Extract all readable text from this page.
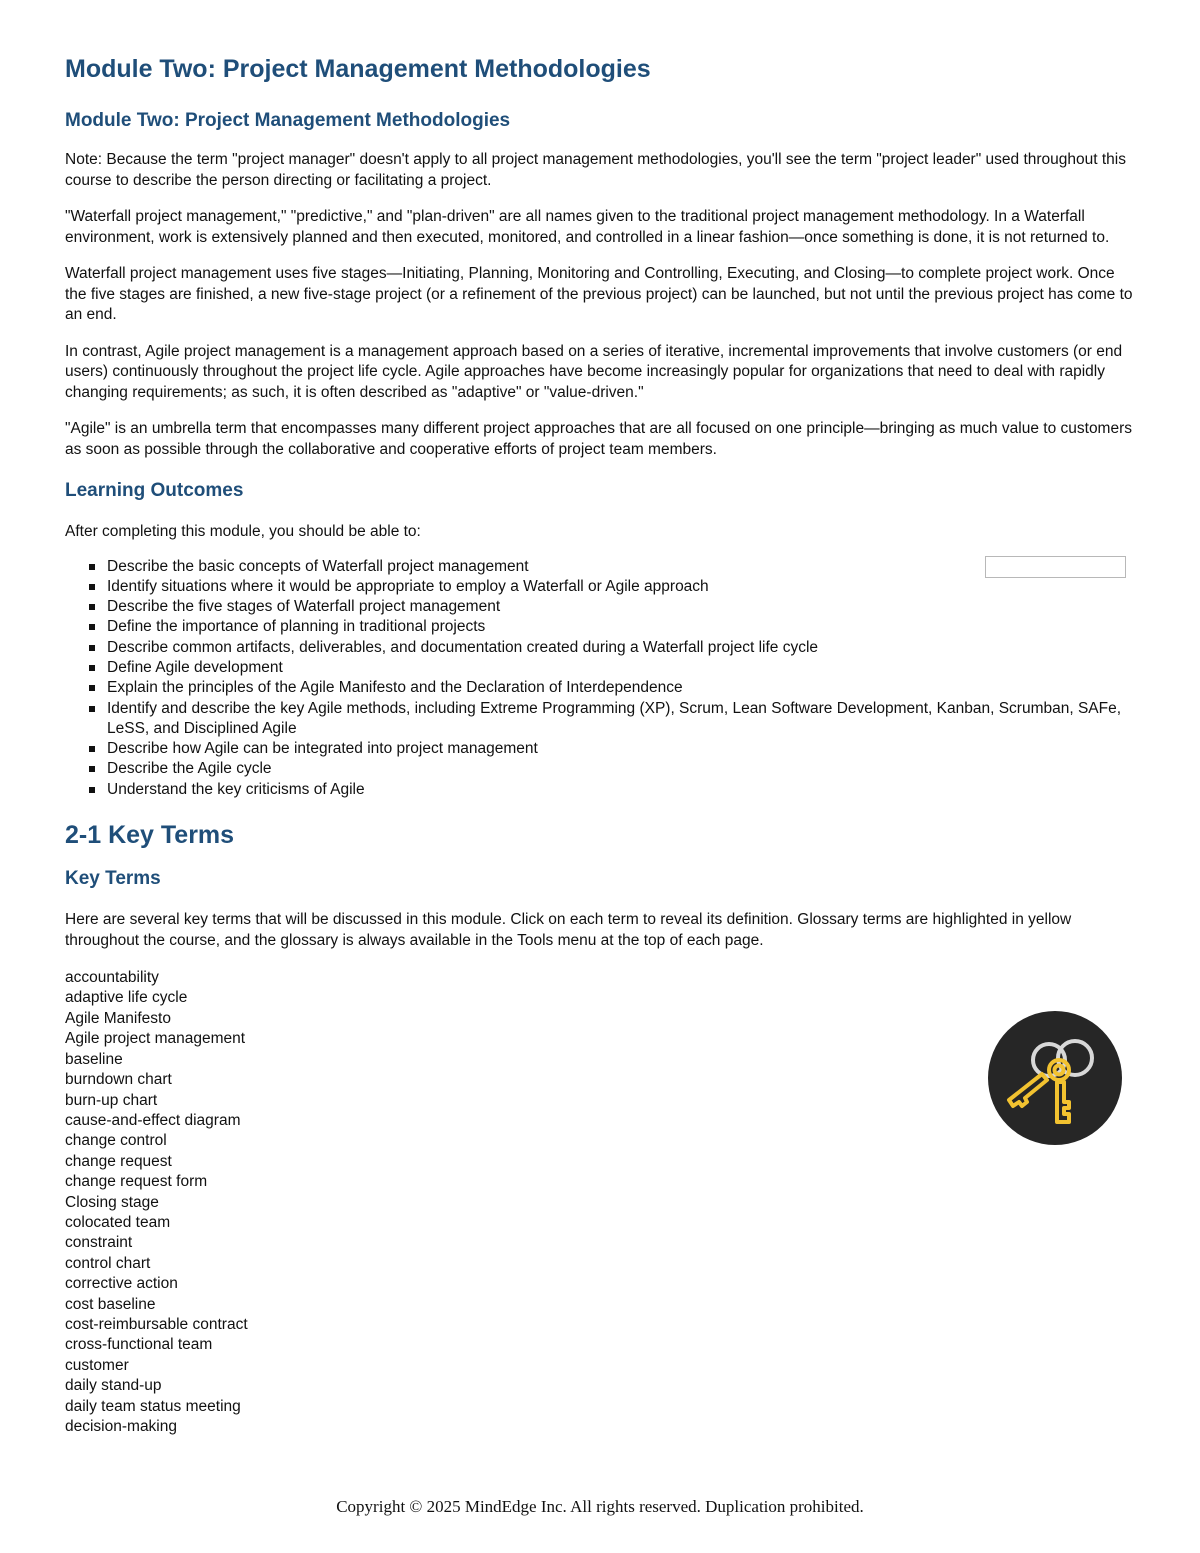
Module Two: Project Management Methodologies
Module Two: Project Management Methodologies

Note: Because the term "project manager" doesn't apply to all project management methodologies, you'll see the term "project leader" used throughout this course to describe the person directing or facilitating a project.

"Waterfall project management," "predictive," and "plan-driven" are all names given to the traditional project management methodology. In a Waterfall environment, work is extensively planned and then executed, monitored, and controlled in a linear fashion—once something is done, it is not returned to.

Waterfall project management uses five stages—Initiating, Planning, Monitoring and Controlling, Executing, and Closing—to complete project work. Once the five stages are finished, a new five-stage project (or a refinement of the previous project) can be launched, but not until the previous project has come to an end.

In contrast, Agile project management is a management approach based on a series of iterative, incremental improvements that involve customers (or end users) continuously throughout the project life cycle. Agile approaches have become increasingly popular for organizations that need to deal with rapidly changing requirements; as such, it is often described as "adaptive" or "value-driven."

"Agile" is an umbrella term that encompasses many different project approaches that are all focused on one principle—bringing as much value to customers as soon as possible through the collaborative and cooperative efforts of project team members.

Learning Outcomes

After completing this module, you should be able to:

Describe the basic concepts of Waterfall project management
Identify situations where it would be appropriate to employ a Waterfall or Agile approach
Describe the five stages of Waterfall project management
Define the importance of planning in traditional projects
Describe common artifacts, deliverables, and documentation created during a Waterfall project life cycle
Define Agile development
Explain the principles of the Agile Manifesto and the Declaration of Interdependence
Identify and describe the key Agile methods, including Extreme Programming (XP), Scrum, Lean Software Development, Kanban, Scrumban, SAFe, LeSS, and Disciplined Agile
Describe how Agile can be integrated into project management
Describe the Agile cycle
Understand the key criticisms of Agile
2-1 Key Terms
Key Terms

Here are several key terms that will be discussed in this module. Click on each term to reveal its definition. Glossary terms are highlighted in yellow throughout the course, and the glossary is always available in the Tools menu at the top of each page.

accountability
adaptive life cycle
Agile Manifesto
Agile project management
baseline
burndown chart
burn-up chart
cause-and-effect diagram
change control
change request
change request form
Closing stage
colocated team
constraint
control chart
corrective action
cost baseline
cost-reimbursable contract
cross-functional team
customer
daily stand-up
daily team status meeting
decision-making
Copyright © 2025 MindEdge Inc. All rights reserved. Duplication prohibited.
